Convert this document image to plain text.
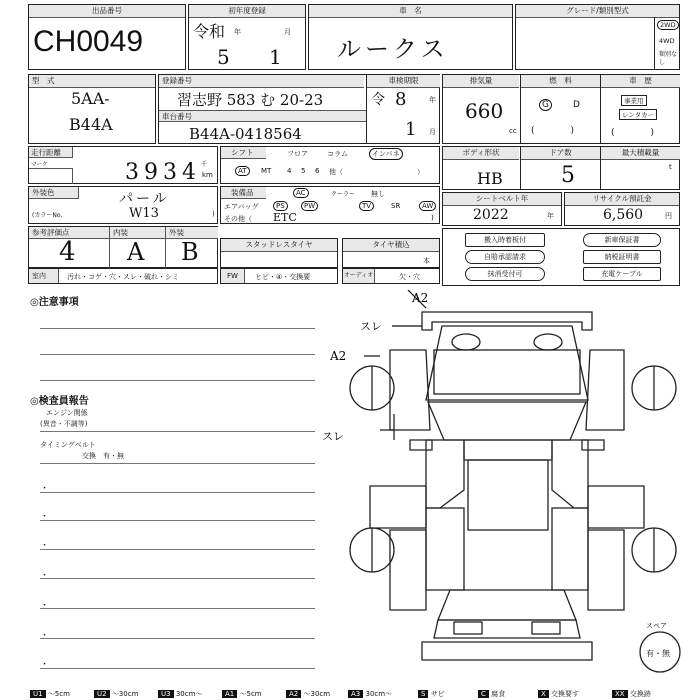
出品番号
CH0049
初年度登録
令和 年	月
5 1
車　名
ルークス
グレード/類別型式
2WD
4WD
類別なし
型　式
5AA-
B44A
登録番号
習志野 583 む 20-23
車台番号
B44A-0418564
車検期限
令 8	年
1 月
排気量
660
cc
燃　料
G	D
(　　　　)
車　歴
事業用
レンタカー
(　　　　)
走行距離
マーク	3934 千
km
シフト	フロア	コラム	インパネ
AT	MT 4 5 6 他（	）
ボディ形状
HB
ドア数
5
最大積載量
t
外装色	パール
(カラーNo.	W13	)
装備品	AC	クーラー 無し
エアバッグ	PS	PW	TV	SR	AW
その他（ ETC	)
シートベルト年
2022	年
リサイクル預託金
6,560	円
参考評価点	内装	外装
4 A B
室内	汚れ・コゲ・穴・スレ・破れ・シミ
スタッドレスタイヤ
FW	ヒビ・④・交換要
タイヤ積込
本
オーディオ	欠・穴
搬入時着板付	新車保証書
自賠承認請求	納税証明書
抹消受付可	充電ケーブル
◎注意事項
◎検査員報告
エンジン関係
(異音・不調等)
タイミングベルト
交換　有・無
・
・
・
・
・
・
・
A2
スレ
A2
スレ
スペア
有・無
U1 ～5cm	U2 ～30cm	U3 30cm～	A1 ～5cm	A2 ～30cm	A3 30cm～	S サビ	C 腐食	X 交換要す	XX 交換跡
